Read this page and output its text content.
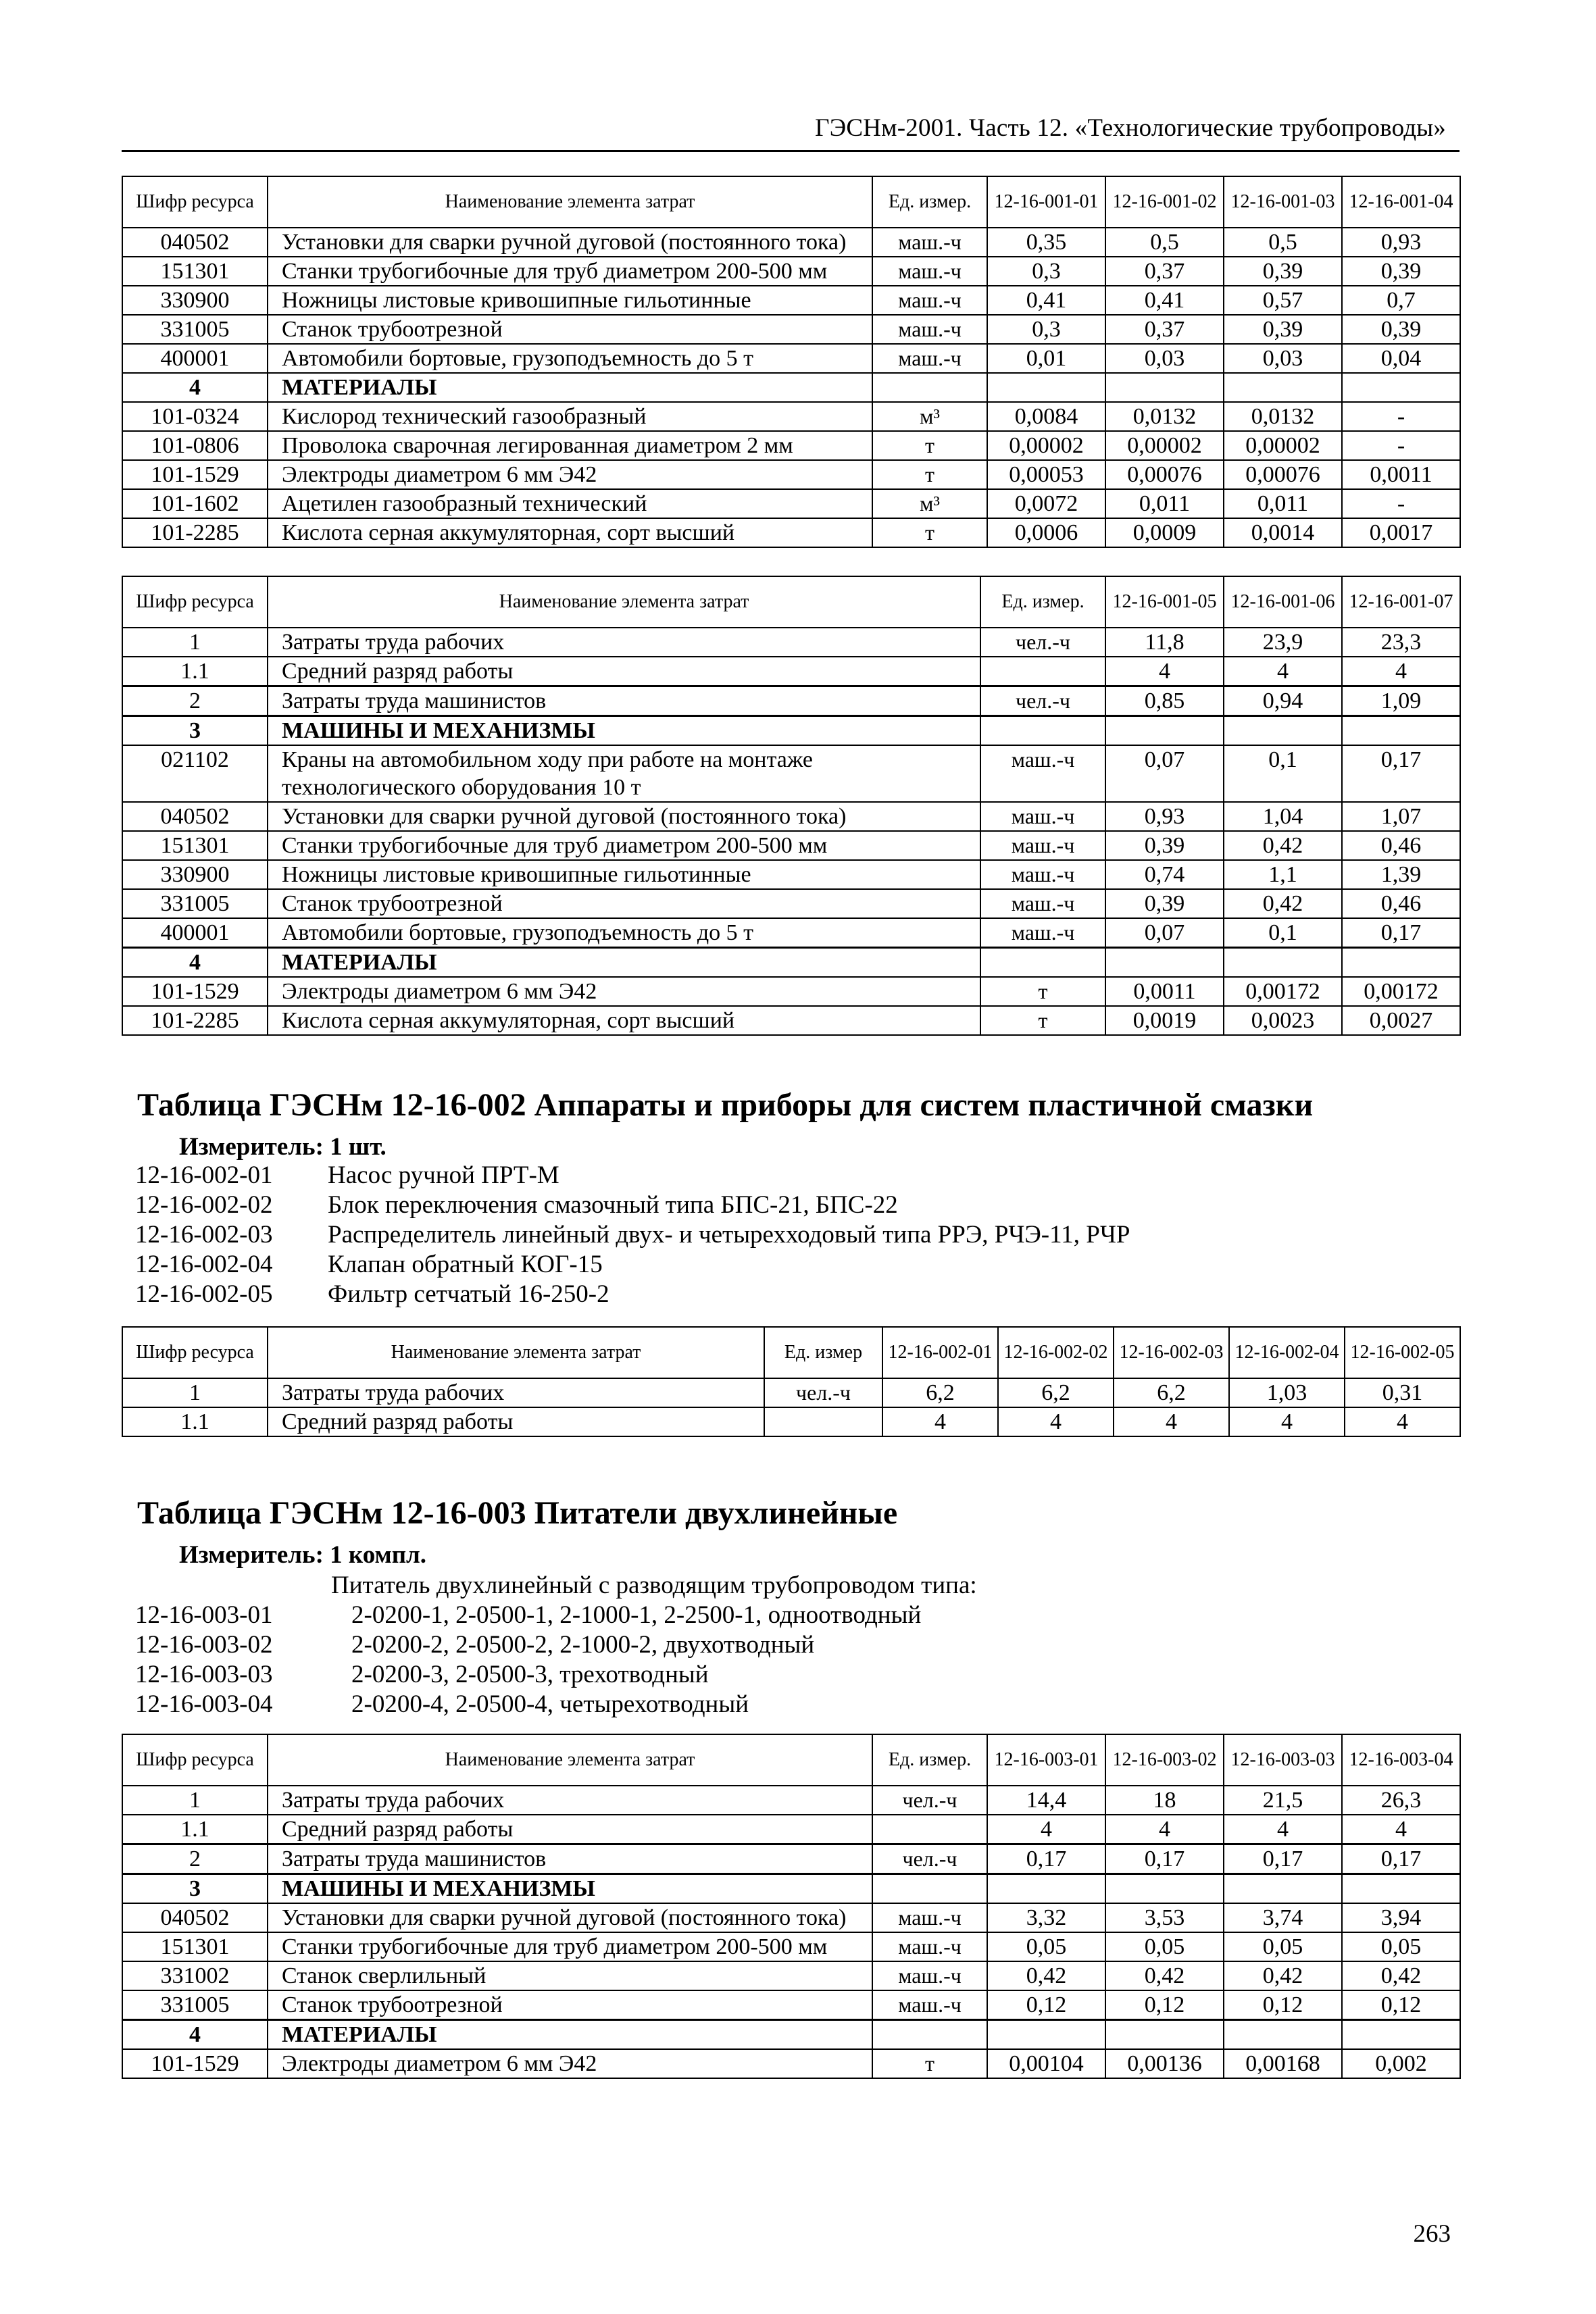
ГЭСНм-2001. Часть 12. «Технологические трубопроводы»
Шифр ресурса	Наименование элемента затрат	Ед. измер.	12-16-001-01	12-16-001-02	12-16-001-03	12-16-001-04
040502	Установки для сварки ручной дуговой (постоянного тока)	маш.-ч	0,35	0,5	0,5	0,93
151301	Станки трубогибочные для труб диаметром 200-500 мм	маш.-ч	0,3	0,37	0,39	0,39
330900	Ножницы листовые кривошипные гильотинные	маш.-ч	0,41	0,41	0,57	0,7
331005	Станок трубоотрезной	маш.-ч	0,3	0,37	0,39	0,39
400001	Автомобили бортовые, грузоподъемность до 5 т	маш.-ч	0,01	0,03	0,03	0,04
4	МАТЕРИАЛЫ					
101-0324	Кислород технический газообразный	м³	0,0084	0,0132	0,0132	-
101-0806	Проволока сварочная легированная диаметром 2 мм	т	0,00002	0,00002	0,00002	-
101-1529	Электроды диаметром 6 мм Э42	т	0,00053	0,00076	0,00076	0,0011
101-1602	Ацетилен газообразный технический	м³	0,0072	0,011	0,011	-
101-2285	Кислота серная аккумуляторная, сорт высший	т	0,0006	0,0009	0,0014	0,0017
Шифр ресурса	Наименование элемента затрат	Ед. измер.	12-16-001-05	12-16-001-06	12-16-001-07
1	Затраты труда рабочих	чел.-ч	11,8	23,9	23,3
1.1	Средний разряд работы		4	4	4
2	Затраты труда машинистов	чел.-ч	0,85	0,94	1,09
3	МАШИНЫ И МЕХАНИЗМЫ				
021102	Краны на автомобильном ходу при работе на монтаже технологического оборудования 10 т	маш.-ч	0,07	0,1	0,17
040502	Установки для сварки ручной дуговой (постоянного тока)	маш.-ч	0,93	1,04	1,07
151301	Станки трубогибочные для труб диаметром 200-500 мм	маш.-ч	0,39	0,42	0,46
330900	Ножницы листовые кривошипные гильотинные	маш.-ч	0,74	1,1	1,39
331005	Станок трубоотрезной	маш.-ч	0,39	0,42	0,46
400001	Автомобили бортовые, грузоподъемность до 5 т	маш.-ч	0,07	0,1	0,17
4	МАТЕРИАЛЫ				
101-1529	Электроды диаметром 6 мм Э42	т	0,0011	0,00172	0,00172
101-2285	Кислота серная аккумуляторная, сорт высший	т	0,0019	0,0023	0,0027
Таблица ГЭСНм 12-16-002 Аппараты и приборы для систем пластичной смазки
Измеритель: 1 шт.
12-16-002-01 Насос ручной ПРТ-М
12-16-002-02 Блок переключения смазочный типа БПС-21, БПС-22
12-16-002-03 Распределитель линейный двух- и четырехходовый типа РРЭ, РЧЭ-11, РЧР
12-16-002-04 Клапан обратный КОГ-15
12-16-002-05 Фильтр сетчатый 16-250-2
Шифр ресурса	Наименование элемента затрат	Ед. измер	12-16-002-01	12-16-002-02	12-16-002-03	12-16-002-04	12-16-002-05
1	Затраты труда рабочих	чел.-ч	6,2	6,2	6,2	1,03	0,31
1.1	Средний разряд работы		4	4	4	4	4
Таблица ГЭСНм 12-16-003 Питатели двухлинейные
Измеритель: 1 компл.
Питатель двухлинейный с разводящим трубопроводом типа:
12-16-003-01	2-0200-1, 2-0500-1, 2-1000-1, 2-2500-1, одноотводный
12-16-003-02	2-0200-2, 2-0500-2, 2-1000-2, двухотводный
12-16-003-03	2-0200-3, 2-0500-3, трехотводный
12-16-003-04	2-0200-4, 2-0500-4, четырехотводный
Шифр ресурса	Наименование элемента затрат	Ед. измер.	12-16-003-01	12-16-003-02	12-16-003-03	12-16-003-04
1	Затраты труда рабочих	чел.-ч	14,4	18	21,5	26,3
1.1	Средний разряд работы		4	4	4	4
2	Затраты труда машинистов	чел.-ч	0,17	0,17	0,17	0,17
3	МАШИНЫ И МЕХАНИЗМЫ					
040502	Установки для сварки ручной дуговой (постоянного тока)	маш.-ч	3,32	3,53	3,74	3,94
151301	Станки трубогибочные для труб диаметром 200-500 мм	маш.-ч	0,05	0,05	0,05	0,05
331002	Станок сверлильный	маш.-ч	0,42	0,42	0,42	0,42
331005	Станок трубоотрезной	маш.-ч	0,12	0,12	0,12	0,12
4	МАТЕРИАЛЫ					
101-1529	Электроды диаметром 6 мм Э42	т	0,00104	0,00136	0,00168	0,002
263
